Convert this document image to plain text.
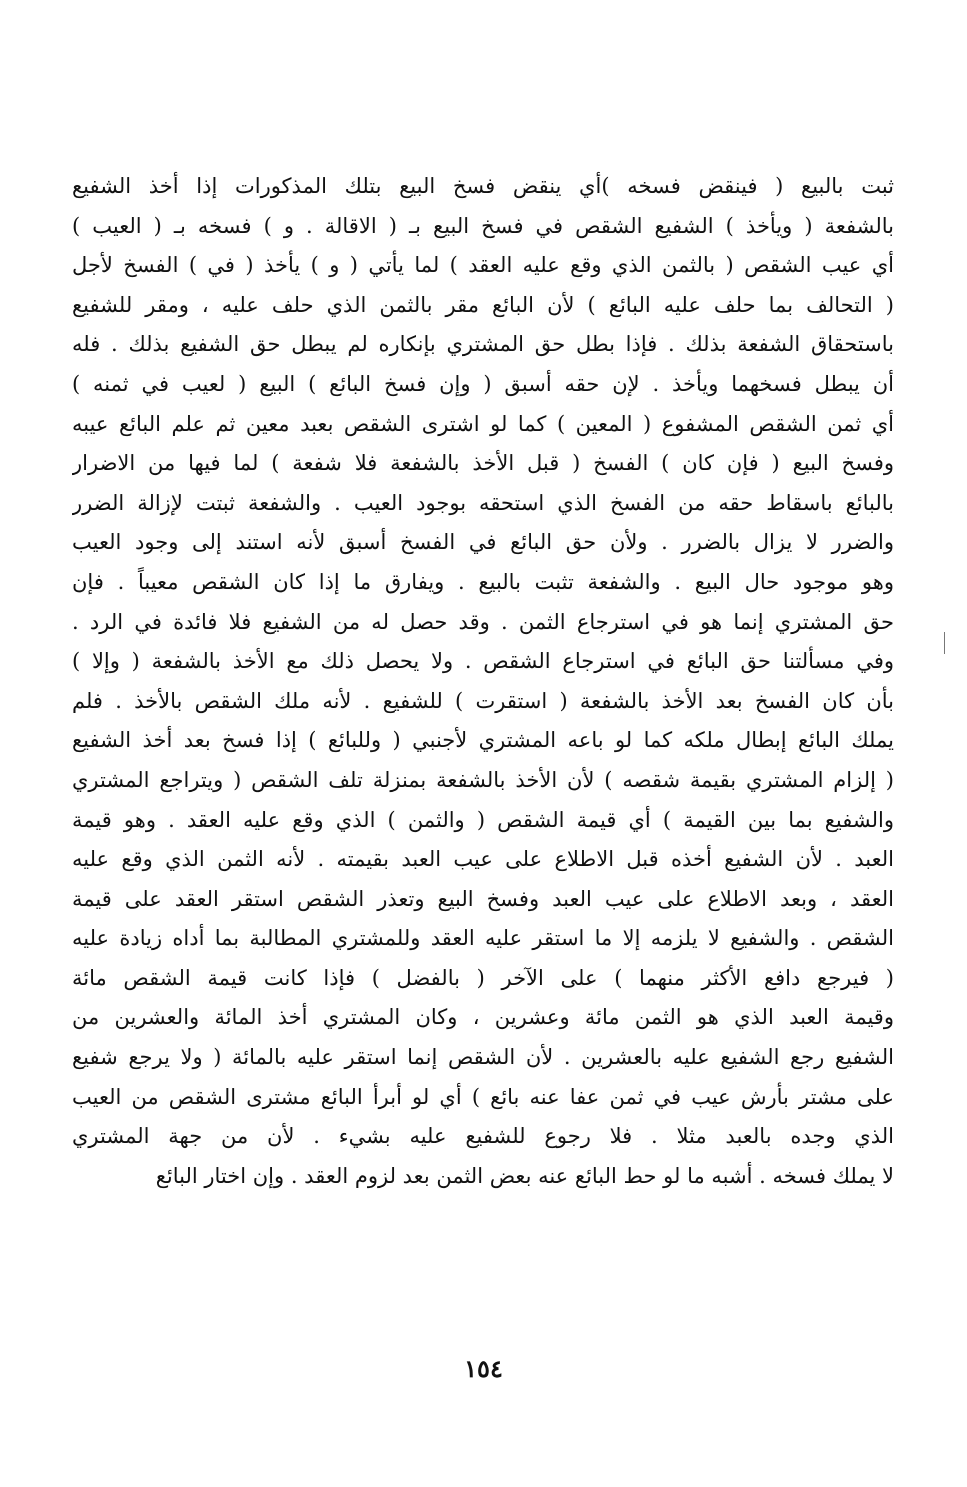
ثبت بالبيع ( فينقض فسخه )أي ينقض فسخ البيع بتلك المذكورات إذا أخذ الشفيع
بالشفعة ( ويأخذ ) الشفيع الشقص في فسخ البيع بـ ( الاقالة . و ) فسخه بـ ( العيب )
أي عيب الشقص ( بالثمن الذي وقع عليه العقد ) لما يأتي ( و ) يأخذ ( في ) الفسخ لأجل
( التحالف بما حلف عليه البائع ) لأن البائع مقر بالثمن الذي حلف عليه ، ومقر للشفيع
باستحقاق الشفعة بذلك . فإذا بطل حق المشتري بإنكاره لم يبطل حق الشفيع بذلك . فله
أن يبطل فسخهما ويأخذ . لإن حقه أسبق ( وإن فسخ البائع ) البيع ( لعيب في ثمنه )
أي ثمن الشقص المشفوع ( المعين ) كما لو اشترى الشقص بعبد معين ثم علم البائع عيبه
وفسخ البيع ( فإن كان ) الفسخ ( قبل الأخذ بالشفعة فلا شفعة ) لما فيها من الاضرار
بالبائع باسقاط حقه من الفسخ الذي استحقه بوجود العيب . والشفعة ثبتت لإزالة الضرر
والضرر لا يزال بالضرر . ولأن حق البائع في الفسخ أسبق لأنه استند إلى وجود العيب
وهو موجود حال البيع . والشفعة تثبت بالبيع . ويفارق ما إذا كان الشقص معيباً . فإن
حق المشتري إنما هو في استرجاع الثمن . وقد حصل له من الشفيع فلا فائدة في الرد .
وفي مسألتنا حق البائع في استرجاع الشقص . ولا يحصل ذلك مع الأخذ بالشفعة ( وإلا )
بأن كان الفسخ بعد الأخذ بالشفعة ( استقرت ) للشفيع . لأنه ملك الشقص بالأخذ . فلم
يملك البائع إبطال ملكه كما لو باعه المشتري لأجنبي ( وللبائع ) إذا فسخ بعد أخذ الشفيع
( إلزام المشتري بقيمة شقصه ) لأن الأخذ بالشفعة بمنزلة تلف الشقص ( ويتراجع المشتري
والشفيع بما بين القيمة ) أي قيمة الشقص ( والثمن ) الذي وقع عليه العقد . وهو قيمة
العبد . لأن الشفيع أخذه قبل الاطلاع على عيب العبد بقيمته . لأنه الثمن الذي وقع عليه
العقد ، وبعد الاطلاع على عيب العبد وفسخ البيع وتعذر الشقص استقر العقد على قيمة
الشقص . والشفيع لا يلزمه إلا ما استقر عليه العقد وللمشتري المطالبة بما أداه زيادة عليه
( فيرجع دافع الأكثر منهما ) على الآخر ( بالفضل ) فإذا كانت قيمة الشقص مائة
وقيمة العبد الذي هو الثمن مائة وعشرين ، وكان المشتري أخذ المائة والعشرين من
الشفيع رجع الشفيع عليه بالعشرين . لأن الشقص إنما استقر عليه بالمائة ( ولا يرجع شفيع
على مشتر بأرش عيب في ثمن عفا عنه بائع ) أي لو أبرأ البائع مشترى الشقص من العيب
الذي وجده بالعبد مثلا . فلا رجوع للشفيع عليه بشيء . لأن من جهة المشتري
لا يملك فسخه . أشبه ما لو حط البائع عنه بعض الثمن بعد لزوم العقد . وإن اختار البائع
١٥٤
